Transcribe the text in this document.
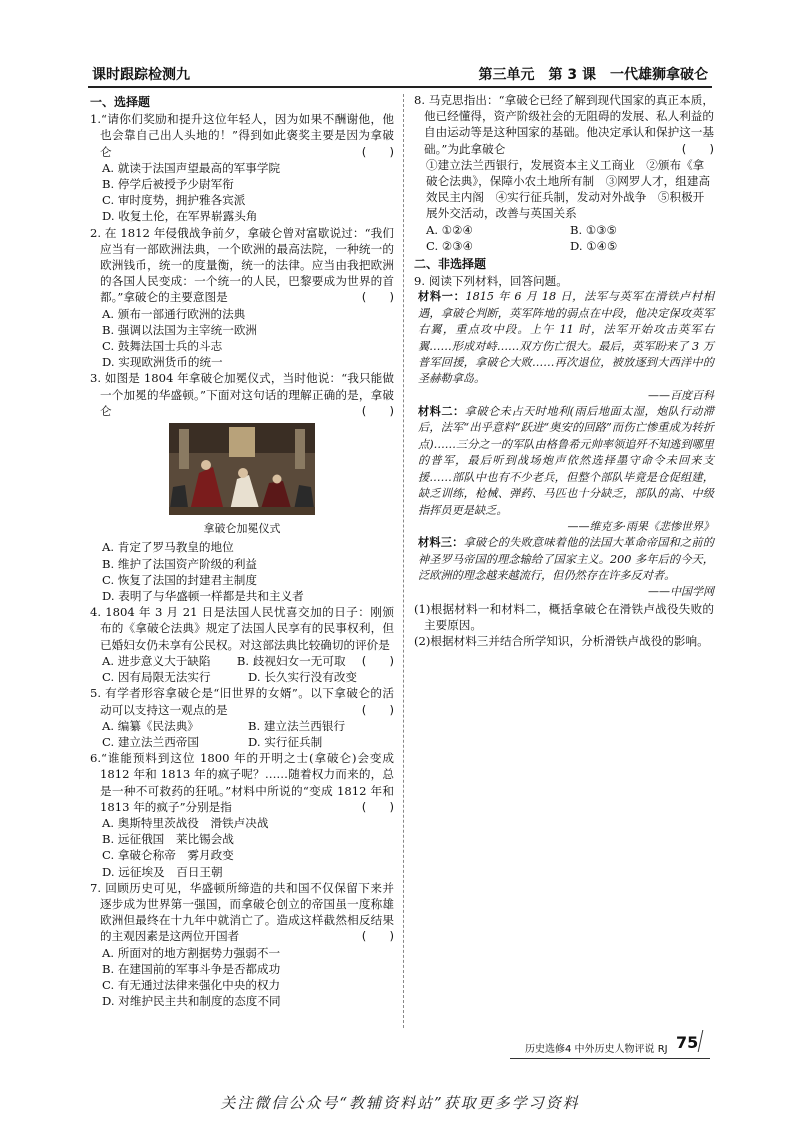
课时跟踪检测九	第三单元　第 3 课　一代雄狮拿破仑
一、选择题
1.“请你们奖励和提升这位年轻人，因为如果不酬谢他，他也会靠自己出人头地的！”得到如此褒奖主要是因为拿破仑	(　　)
A. 就读于法国声望最高的军事学院
B. 停学后被授予少尉军衔
C. 审时度势，拥护雅各宾派
D. 收复土伦，在军界崭露头角
2. 在 1812 年侵俄战争前夕，拿破仑曾对富歇说过：“我们应当有一部欧洲法典，一个欧洲的最高法院，一种统一的欧洲钱币，统一的度量衡，统一的法律。应当由我把欧洲的各国人民变成：一个统一的人民，巴黎要成为世界的首都。”拿破仑的主要意图是	(　　)
A. 颁布一部通行欧洲的法典
B. 强调以法国为主宰统一欧洲
C. 鼓舞法国士兵的斗志
D. 实现欧洲货币的统一
3. 如图是 1804 年拿破仑加冕仪式，当时他说：“我只能做一个加冕的华盛顿。”下面对这句话的理解正确的是，拿破仑	(　　)
拿破仑加冕仪式
A. 肯定了罗马教皇的地位
B. 维护了法国资产阶级的利益
C. 恢复了法国的封建君主制度
D. 表明了与华盛顿一样都是共和主义者
4. 1804 年 3 月 21 日是法国人民忧喜交加的日子：刚颁布的《拿破仑法典》规定了法国人民享有的民事权利，但已婚妇女仍未享有公民权。对这部法典比较确切的评价是
(　　)
A. 进步意义大于缺陷	B. 歧视妇女一无可取
C. 因有局限无法实行	D. 长久实行没有改变
5. 有学者形容拿破仑是“旧世界的女婿”。以下拿破仑的活动可以支持这一观点的是	(　　)
A. 编纂《民法典》	B. 建立法兰西银行
C. 建立法兰西帝国	D. 实行征兵制
6.“谁能预料到这位 1800 年的开明之士(拿破仑)会变成 1812 年和 1813 年的疯子呢？……随着权力而来的，总是一种不可救药的狂吼。”材料中所说的“变成 1812 年和 1813 年的疯子”分别是指	(　　)
A. 奥斯特里茨战役　滑铁卢决战
B. 远征俄国　莱比锡会战
C. 拿破仑称帝　雾月政变
D. 远征埃及　百日王朝
7. 回顾历史可见，华盛顿所缔造的共和国不仅保留下来并逐步成为世界第一强国，而拿破仑创立的帝国虽一度称雄欧洲但最终在十九年中就消亡了。造成这样截然相反结果的主观因素是这两位开国者	(　　)
A. 所面对的地方割据势力强弱不一
B. 在建国前的军事斗争是否都成功
C. 有无通过法律来强化中央的权力
D. 对维护民主共和制度的态度不同
8. 马克思指出：“拿破仑已经了解到现代国家的真正本质，他已经懂得，资产阶级社会的无阻碍的发展、私人利益的自由运动等是这种国家的基础。他决定承认和保护这一基础。”为此拿破仑	(　　)
①建立法兰西银行，发展资本主义工商业　②颁布《拿破仑法典》，保障小农土地所有制　③网罗人才，组建高效民主内阁　④实行征兵制，发动对外战争　⑤积极开展外交活动，改善与英国关系
A. ①②④	B. ①③⑤
C. ②③④	D. ①④⑤
二、非选择题
9. 阅读下列材料，回答问题。
材料一：1815 年 6 月 18 日，法军与英军在滑铁卢村相遇，拿破仑判断，英军阵地的弱点在中段，他决定保攻英军右翼，重点攻中段。上午 11 时，法军开始攻击英军右翼……形成对峙……双方伤亡很大。最后，英军盼来了 3 万普军回援，拿破仑大败……再次退位，被放逐到大西洋中的圣赫勒拿岛。
——百度百科
材料二：拿破仑未占天时地利(雨后地面太湿，炮队行动滞后，法军“出乎意料”跃进“奥安的回路”而伤亡惨重成为转折点)……三分之一的军队由格鲁希元帅率领追歼不知逃到哪里的普军，最后听到战场炮声依然选择墨守命令未回来支援……部队中也有不少老兵，但整个部队毕竟是仓促组建，缺乏训练，枪械、弹药、马匹也十分缺乏，部队的高、中级指挥员更是缺乏。
——维克多·雨果《悲惨世界》
材料三：拿破仑的失败意味着他的法国大革命帝国和之前的神圣罗马帝国的理念输给了国家主义。200 多年后的今天，泛欧洲的理念越来越流行，但仍然存在许多反对者。
——中国学网
(1)根据材料一和材料二，概括拿破仑在滑铁卢战役失败的主要原因。
(2)根据材料三并结合所学知识，分析滑铁卢战役的影响。
历史选修4 中外历史人物评说 RJ 75
关注微信公众号“教辅资料站”获取更多学习资料
